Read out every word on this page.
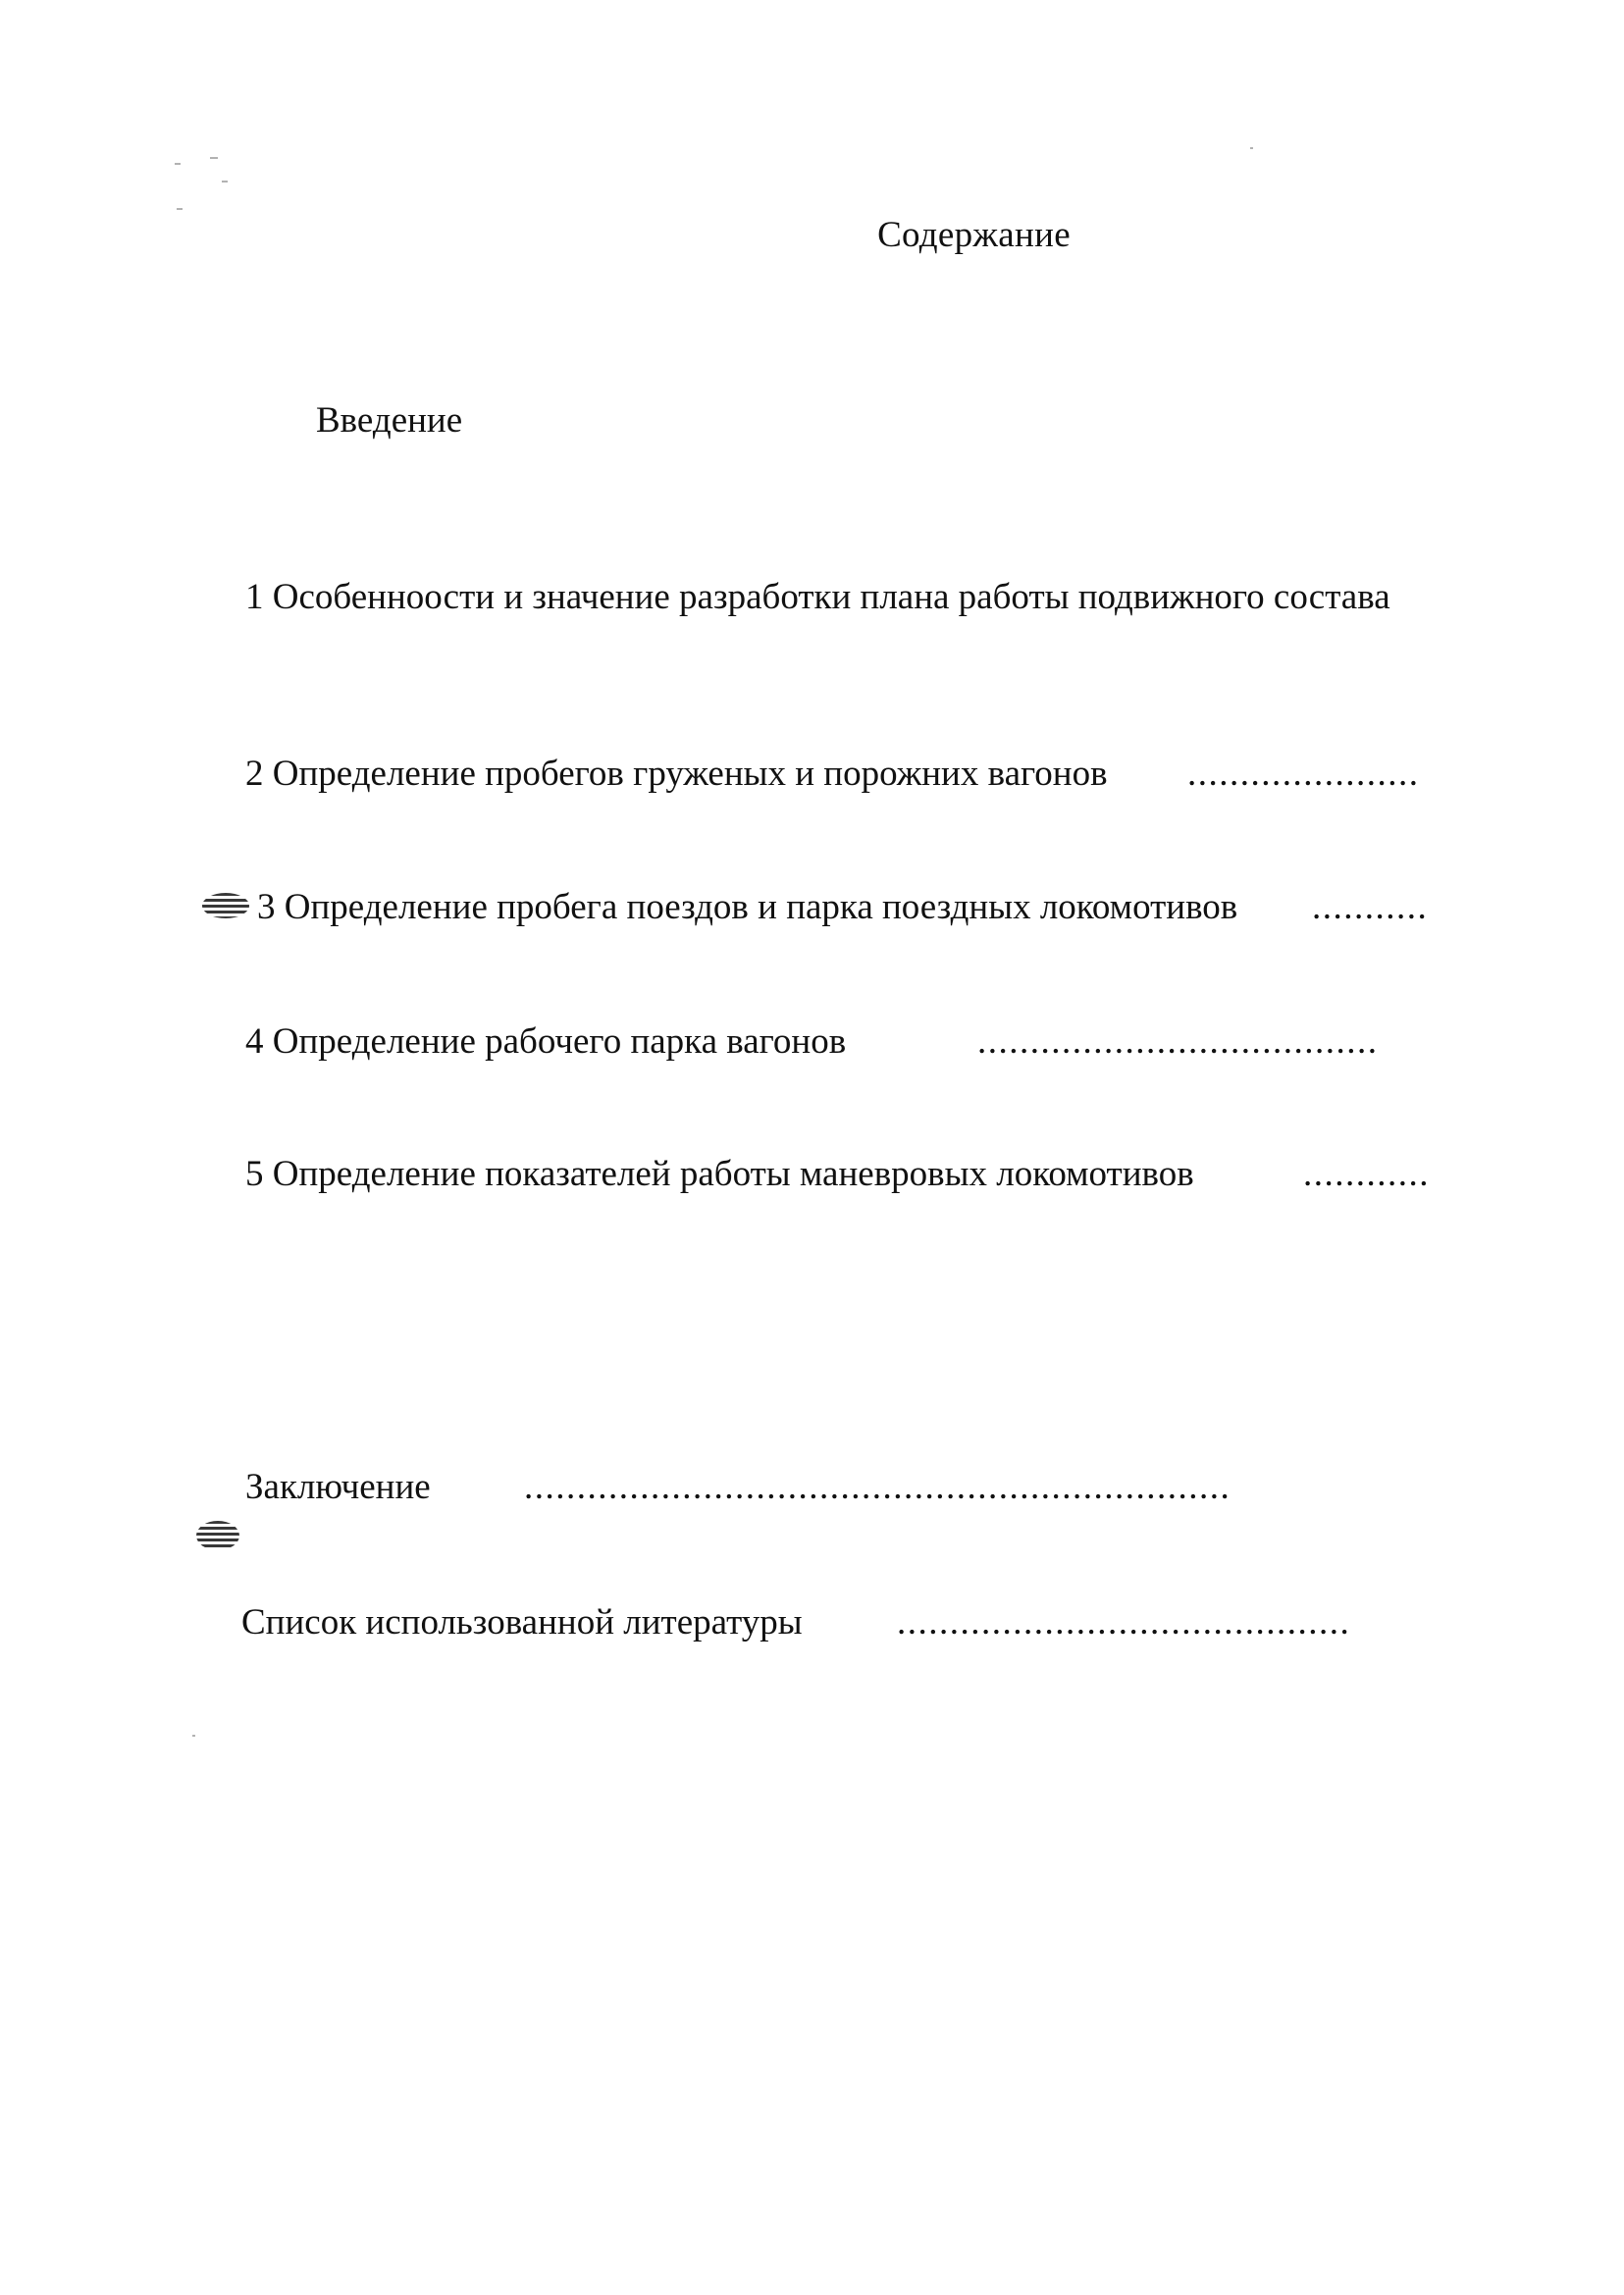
Содержание
Введение
1 Особенноости и значение разработки плана работы подвижного состава
2 Определение пробегов груженых и порожних вагонов ......................
3 Определение пробега поездов и парка поездных локомотивов ...........
4 Определение рабочего парка вагонов	......................................
5 Определение показателей работы маневровых локомотивов	............
Заключение	...................................................................
Список использованной литературы	...........................................
